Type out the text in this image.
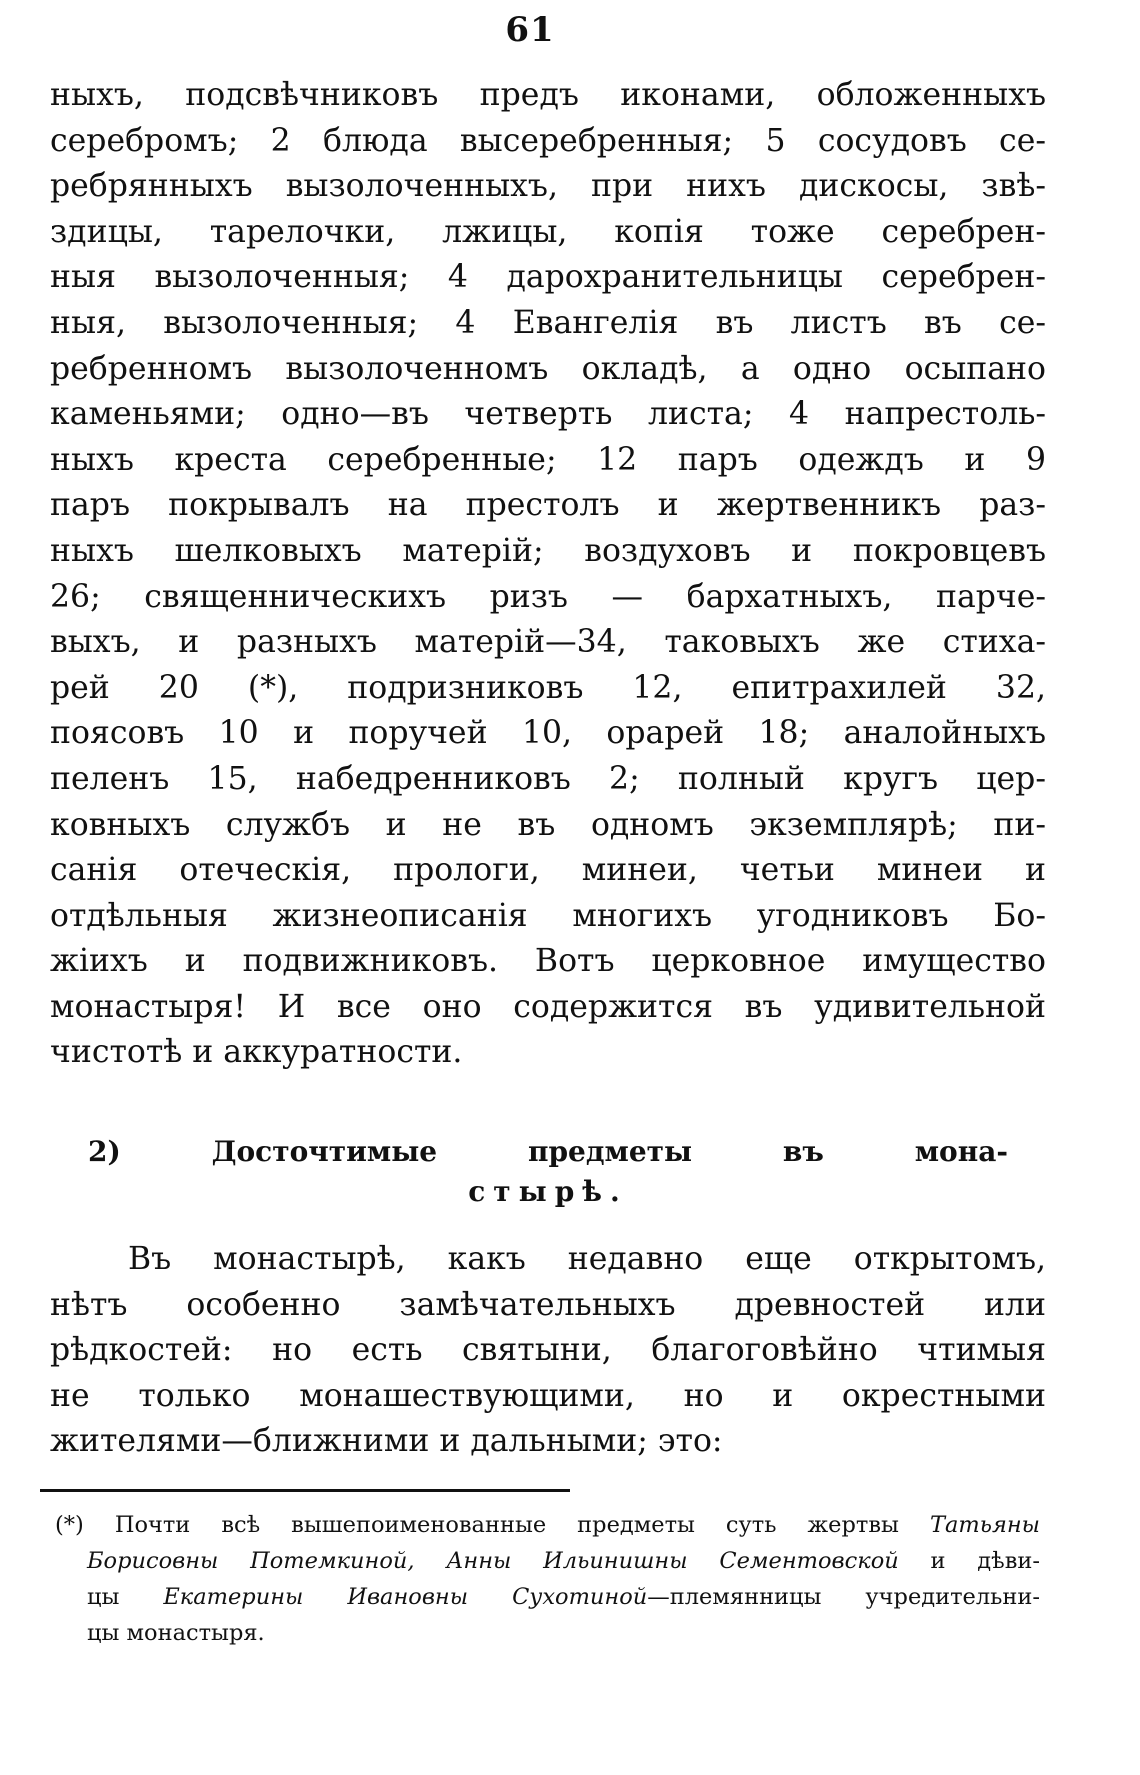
61
ныхъ, подсвѣчниковъ предъ иконами, обложенныхъ
серебромъ; 2 блюда высеребренныя; 5 сосудовъ се-
ребрянныхъ вызолоченныхъ, при нихъ дискосы, звѣ-
здицы, тарелочки, лжицы, копія тоже серебрен-
ныя вызолоченныя; 4 дарохранительницы серебрен-
ныя, вызолоченныя; 4 Евангелія въ листъ въ се-
ребренномъ вызолоченномъ окладѣ, а одно осыпано
каменьями; одно—въ четверть листа; 4 напрестоль-
ныхъ креста серебренные; 12 паръ одеждъ и 9
паръ покрывалъ на престолъ и жертвенникъ раз-
ныхъ шелковыхъ матерій; воздуховъ и покровцевъ
26; священническихъ ризъ — бархатныхъ, парче-
выхъ, и разныхъ матерій—34, таковыхъ же стиха-
рей 20 (*), подризниковъ 12, епитрахилей 32,
поясовъ 10 и поручей 10, орарей 18; аналойныхъ
пеленъ 15, набедренниковъ 2; полный кругъ цер-
ковныхъ службъ и не въ одномъ экземплярѣ; пи-
санія отеческія, прологи, минеи, четьи минеи и
отдѣльныя жизнеописанія многихъ угодниковъ Бо-
жіихъ и подвижниковъ. Вотъ церковное имущество
монастыря! И все оно содержится въ удивительной
чистотѣ и аккуратности.
2) Досточтимые предметы въ мона-
стырѣ.
Въ монастырѣ, какъ недавно еще открытомъ,
нѣтъ особенно замѣчательныхъ древностей или
рѣдкостей: но есть святыни, благоговѣйно чтимыя
не только монашествующими, но и окрестными
жителями—ближними и дальными; это:
(*) Почти всѣ вышепоименованные предметы суть жертвы Татьяны
Борисовны Потемкиной, Анны Ильинишны Сементовской и дѣви-
цы Екатерины Ивановны Сухотиной—племянницы учредительни-
цы монастыря.
